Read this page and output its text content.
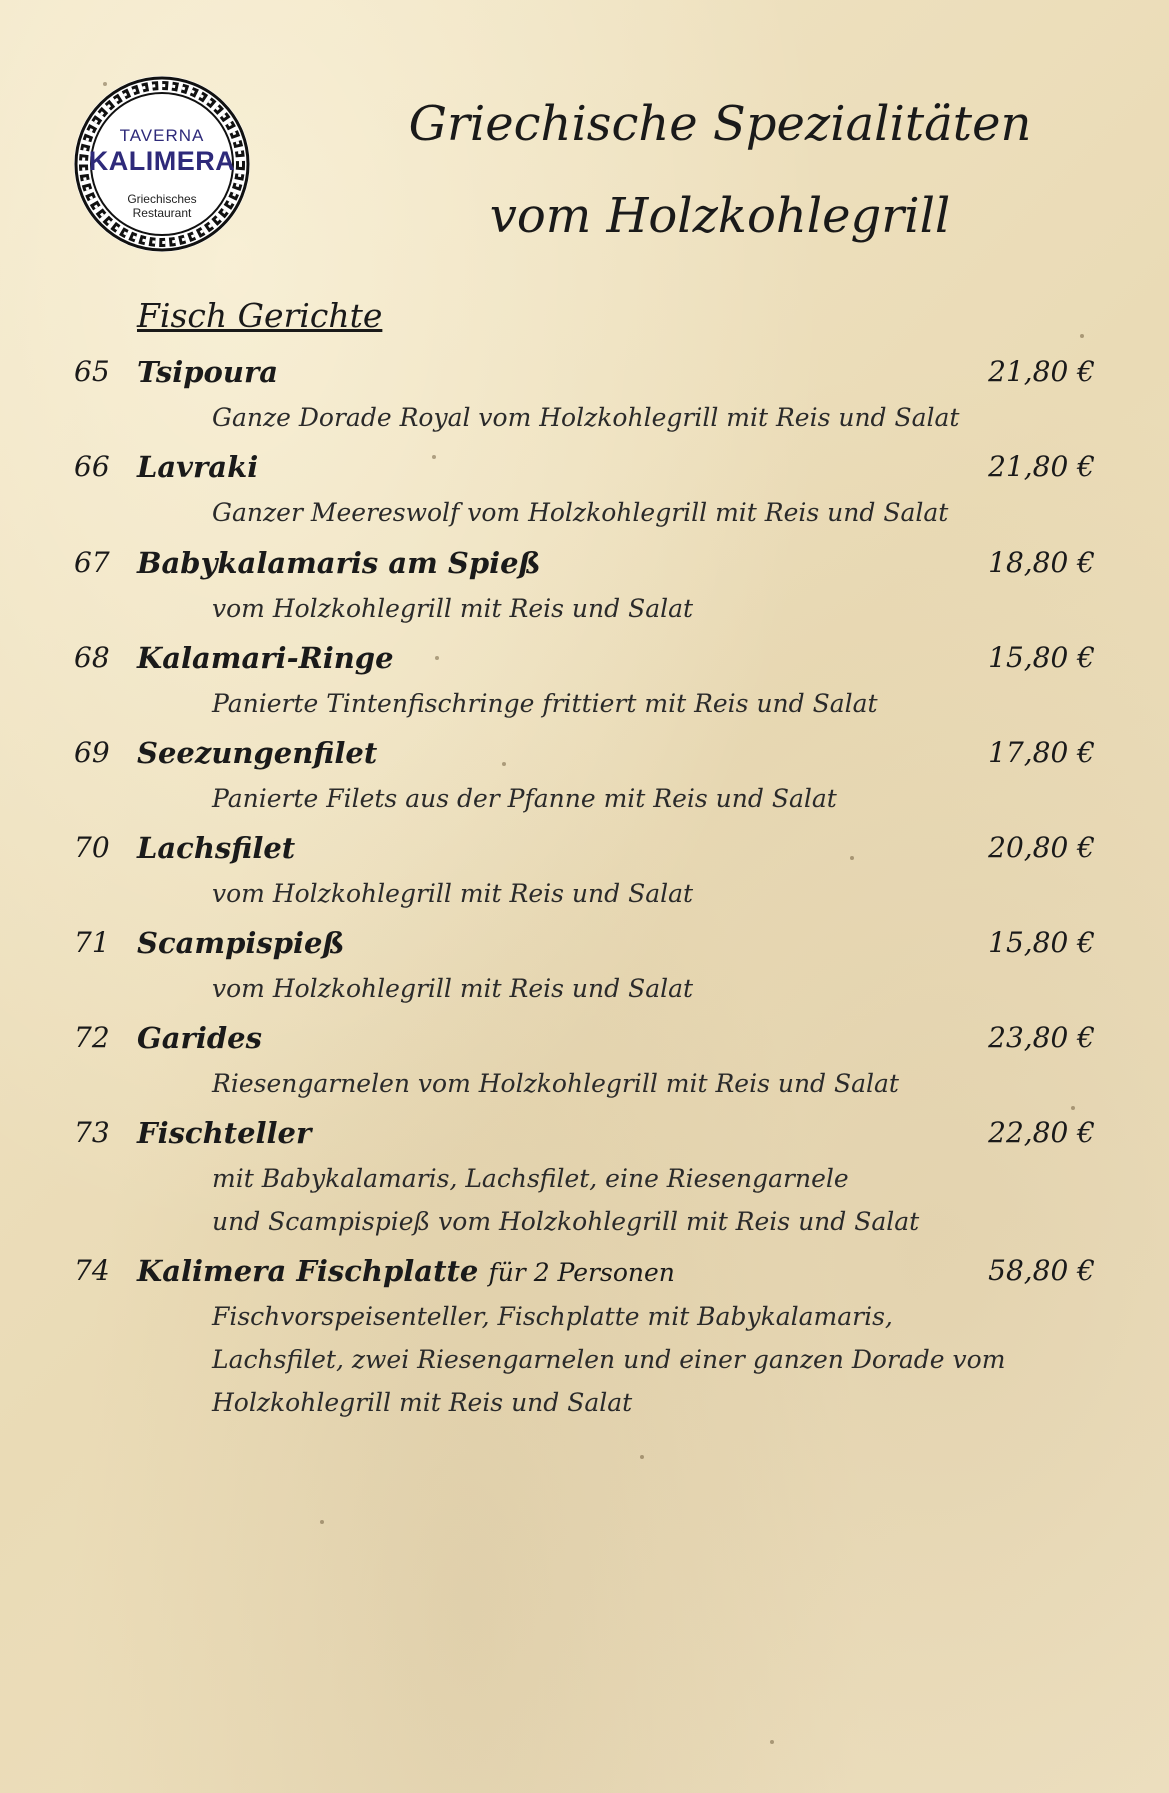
TAVERNA
KALIMERA
Griechisches
Restaurant
Griechische Spezialitäten
vom Holzkohlegrill
Fisch Gerichte
65 Tsipoura	21,80 €
Ganze Dorade Royal vom Holzkohlegrill mit Reis und Salat
66 Lavraki	21,80 €
Ganzer Meereswolf vom Holzkohlegrill mit Reis und Salat
67 Babykalamaris am Spieß	18,80 €
vom Holzkohlegrill mit Reis und Salat
68 Kalamari-Ringe	15,80 €
Panierte Tintenfischringe frittiert mit Reis und Salat
69 Seezungenfilet	17,80 €
Panierte Filets aus der Pfanne mit Reis und Salat
70 Lachsfilet	20,80 €
vom Holzkohlegrill mit Reis und Salat
71 Scampispieß	15,80 €
vom Holzkohlegrill mit Reis und Salat
72 Garides	23,80 €
Riesengarnelen vom Holzkohlegrill mit Reis und Salat
73 Fischteller	22,80 €
mit Babykalamaris, Lachsfilet, eine Riesengarnele
und Scampispieß vom Holzkohlegrill mit Reis und Salat
74 Kalimera Fischplatte für 2 Personen	58,80 €
Fischvorspeisenteller, Fischplatte mit Babykalamaris,
Lachsfilet, zwei Riesengarnelen und einer ganzen Dorade vom
Holzkohlegrill mit Reis und Salat
